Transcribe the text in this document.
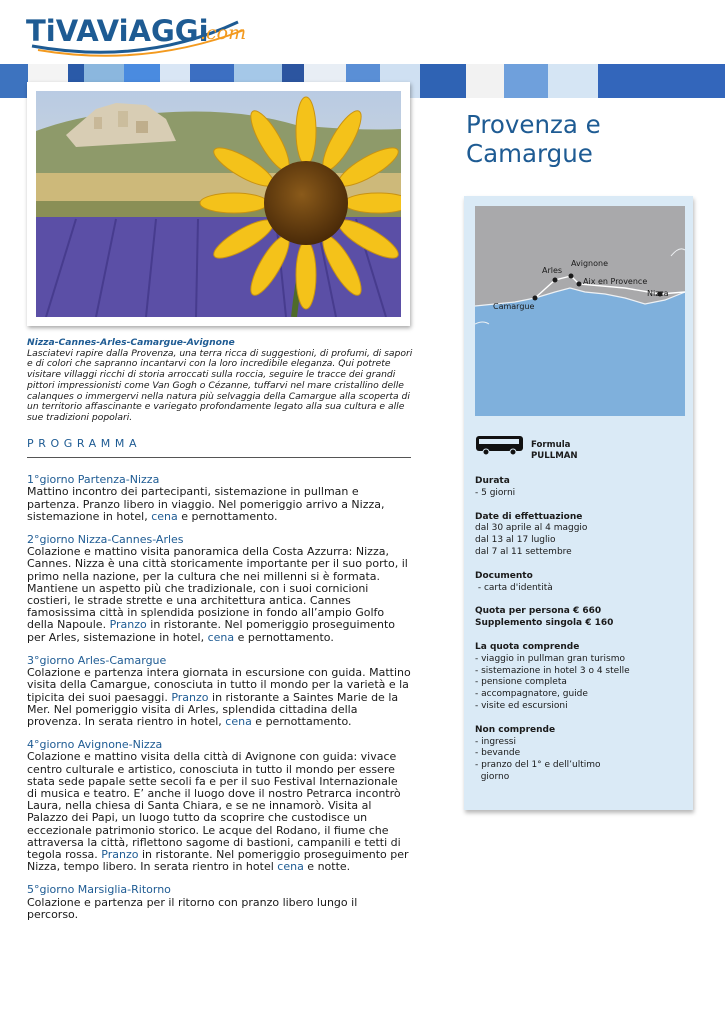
TiVAViAGGi
.com
Provenza e Camargue
Nizza-Cannes-Arles-Camargue-Avignone
Lasciatevi rapire dalla Provenza, una terra ricca di suggestioni, di profumi, di sapori e di colori che sapranno incantarvi con la loro incredibile eleganza. Qui potrete visitare villaggi ricchi di storia arroccati sulla roccia, seguire le tracce dei grandi pittori impressionisti come Van Gogh o Cézanne, tuffarvi nel mare cristallino delle calanques o immergervi nella natura più selvaggia della Camargue alla scoperta di un territorio affascinante e variegato profondamente legato alla sua cultura e alle sue tradizioni popolari.
PROGRAMMA
1°giorno Partenza-Nizza

Mattino incontro dei partecipanti, sistemazione in pullman e partenza. Pranzo libero in viaggio. Nel pomeriggio arrivo a Nizza, sistemazione in hotel, cena e pernottamento.

2°giorno Nizza-Cannes-Arles

Colazione e mattino visita panoramica della Costa Azzurra: Nizza, Cannes. Nizza è una città storicamente importante per il suo porto, il primo nella nazione, per la cultura che nei millenni si è formata. Mantiene un aspetto più che tradizionale, con i suoi cornicioni costieri, le strade strette e una architettura antica. Cannes famosissima città in splendida posizione in fondo all’ampio Golfo della Napoule. Pranzo in ristorante. Nel pomeriggio proseguimento per Arles, sistemazione in hotel, cena e pernottamento.

3°giorno Arles-Camargue

Colazione e partenza intera giornata in escursione con guida. Mattino visita della Camargue, conosciuta in tutto il mondo per la varietà e la tipicita dei suoi paesaggi. Pranzo in ristorante a Saintes Marie de la Mer. Nel pomeriggio visita di Arles, splendida cittadina della provenza. In serata rientro in hotel, cena e pernottamento.

4°giorno Avignone-Nizza

Colazione e mattino visita della città di Avignone con guida: vivace centro culturale e artistico, conosciuta in tutto il mondo per essere stata sede papale sette secoli fa e per il suo Festival Internazionale di musica e teatro. E’ anche il luogo dove il nostro Petrarca incontrò Laura, nella chiesa di Santa Chiara, e se ne innamorò. Visita al Palazzo dei Papi, un luogo tutto da scoprire che custodisce un eccezionale patrimonio storico. Le acque del Rodano, il fiume che attraversa la città, riflettono sagome di bastioni, campanili e tetti di tegola rossa. Pranzo in ristorante. Nel pomeriggio proseguimento per Nizza, tempo libero. In serata rientro in hotel cena e notte.

5°giorno Marsiglia-Ritorno

Colazione e partenza per il ritorno con pranzo libero lungo il percorso.

Avignone
Arles
Aix en Provence
Camargue
Nizza
Formula
PULLMAN
Durata
- 5 giorni
Date di effettuazione
dal 30 aprile al 4 maggio
dal 13 al 17 luglio
dal 7 al 11 settembre
Documento
- carta d'identità
Quota per persona € 660
Supplemento singola € 160
La quota comprende
- viaggio in pullman gran turismo
- sistemazione in hotel 3 o 4 stelle
- pensione completa
- accompagnatore, guide
- visite ed escursioni
Non comprende
- ingressi
- bevande
- pranzo del 1° e dell’ultimo
giorno
